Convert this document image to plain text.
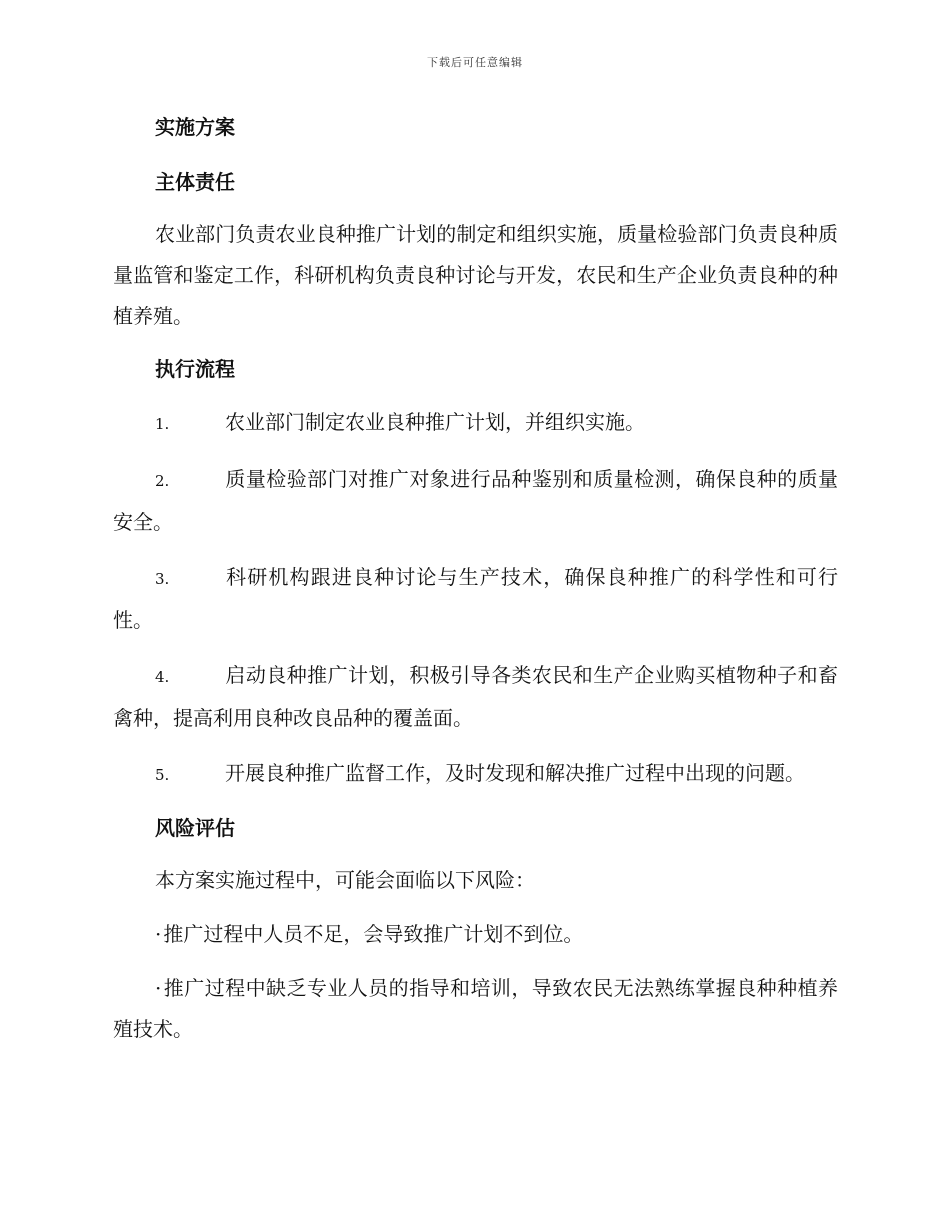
下载后可任意编辑
实施方案
主体责任

农业部门负责农业良种推广计划的制定和组织实施，质量检验部门负责良种质量监管和鉴定工作，科研机构负责良种讨论与开发，农民和生产企业负责良种的种植养殖。

执行流程

1.	农业部门制定农业良种推广计划，并组织实施。

2.	质量检验部门对推广对象进行品种鉴别和质量检测，确保良种的质量安全。

3.	科研机构跟进良种讨论与生产技术，确保良种推广的科学性和可行性。

4.	启动良种推广计划，积极引导各类农民和生产企业购买植物种子和畜禽种，提高利用良种改良品种的覆盖面。

5.	开展良种推广监督工作，及时发现和解决推广过程中出现的问题。

风险评估

本方案实施过程中，可能会面临以下风险：

· 推广过程中人员不足，会导致推广计划不到位。

· 推广过程中缺乏专业人员的指导和培训，导致农民无法熟练掌握良种种植养殖技术。
